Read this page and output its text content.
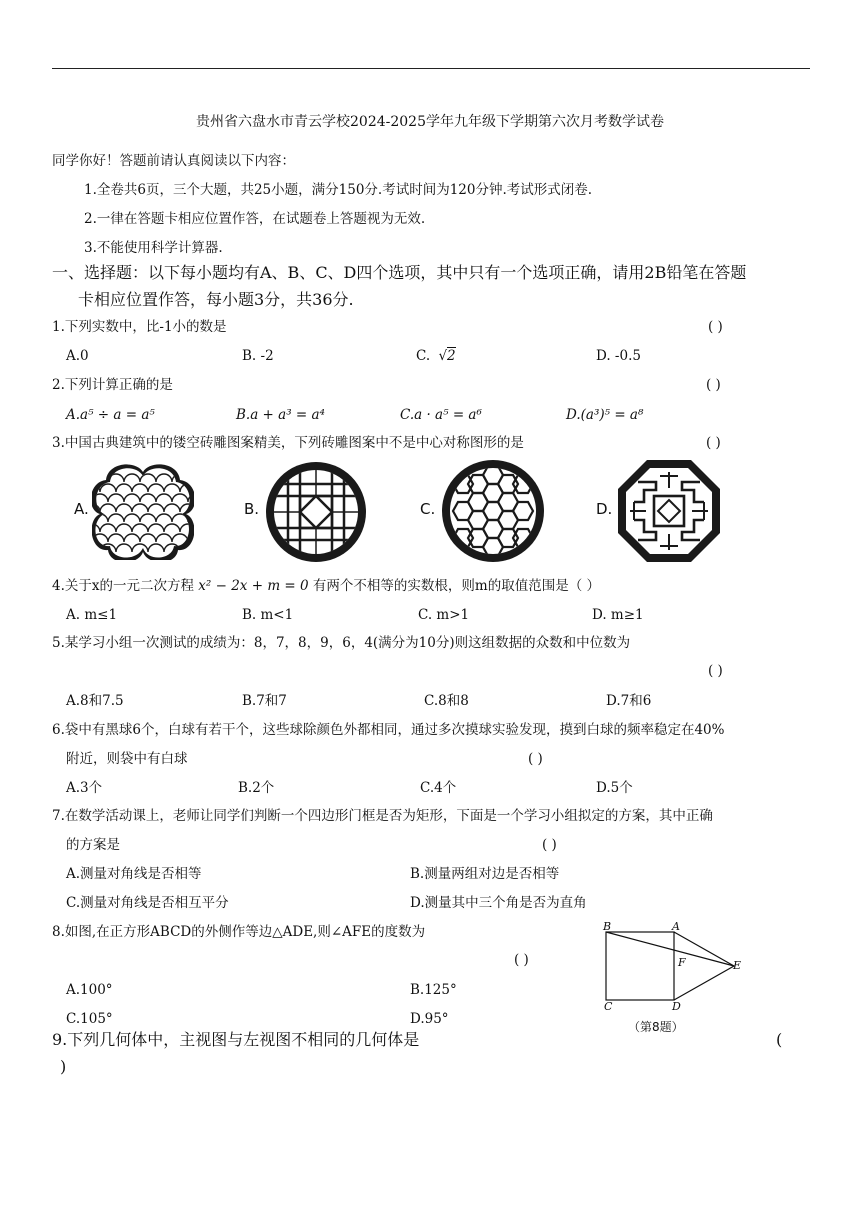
贵州省六盘水市青云学校2024-2025学年九年级下学期第六次月考数学试卷
同学你好！答题前请认真阅读以下内容：
1.全卷共6页，三个大题，共25小题，满分150分.考试时间为120分钟.考试形式闭卷.
2.一律在答题卡相应位置作答，在试题卷上答题视为无效.
3.不能使用科学计算器.
一、选择题：以下每小题均有A、B、C、D四个选项，其中只有一个选项正确，请用2B铅笔在答题
卡相应位置作答，每小题3分，共36分.
1.下列实数中，比-1小的数是	( )
A.0	B. -2	C. √2	D. -0.5
2.下列计算正确的是	( )
A.a⁵ ÷ a = a⁵	B.a + a³ = a⁴	C.a · a⁵ = a⁶	D.(a³)⁵ = a⁸
3.中国古典建筑中的镂空砖雕图案精美，下列砖雕图案中不是中心对称图形的是	( )
A.	B.	C.	D.
4.关于x的一元二次方程 x² − 2x + m = 0 有两个不相等的实数根，则m的取值范围是（ ）
A. m≤1	B. m<1	C. m>1	D. m≥1
5.某学习小组一次测试的成绩为：8，7，8，9，6，4(满分为10分)则这组数据的众数和中位数为
( )
A.8和7.5	B.7和7	C.8和8	D.7和6
6.袋中有黑球6个，白球有若干个，这些球除颜色外都相同，通过多次摸球实验发现，摸到白球的频率稳定在40%
附近，则袋中有白球	( )
A.3个	B.2个	C.4个	D.5个
7.在数学活动课上，老师让同学们判断一个四边形门框是否为矩形，下面是一个学习小组拟定的方案，其中正确
的方案是	( )
A.测量对角线是否相等	B.测量两组对边是否相等
C.测量对角线是否相互平分	D.测量其中三个角是否为直角
8.如图,在正方形ABCD的外侧作等边△ADE,则∠AFE的度数为
( )
A.100°	B.125°
C.105°	D.95°
B	A
F	E
C	D
（第8题）
9.下列几何体中，主视图与左视图不相同的几何体是	(
)
